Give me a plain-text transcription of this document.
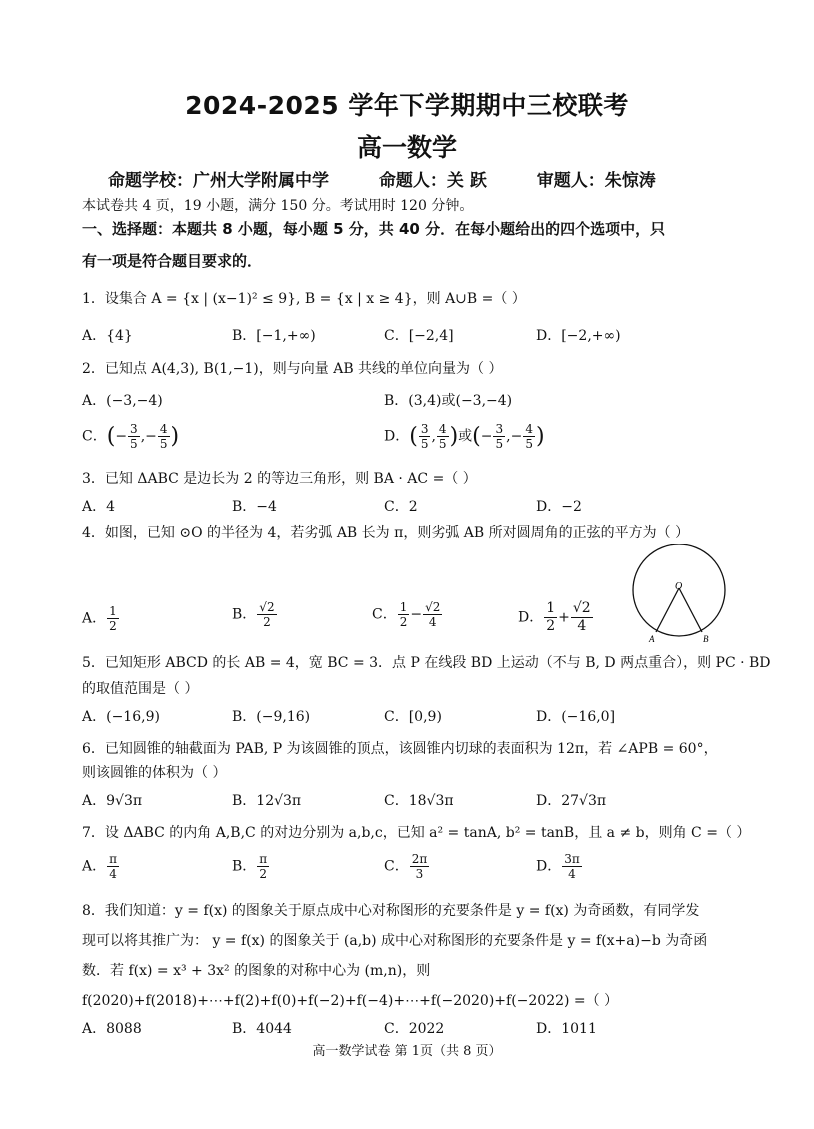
2024-2025 学年下学期期中三校联考
高一数学
命题学校：广州大学附属中学	命题人：关 跃	审题人：朱惊涛
本试卷共 4 页，19 小题，满分 150 分。考试用时 120 分钟。
一、选择题：本题共 8 小题，每小题 5 分，共 40 分．在每小题给出的四个选项中，只
有一项是符合题目要求的．
1．设集合 A = {x | (x−1)² ≤ 9}, B = {x | x ≥ 4}，则 A∪B =（ ）
A．{4}	B．[−1,+∞)	C．[−2,4]	D．[−2,+∞)
2．已知点 A(4,3), B(1,−1)，则与向量 AB 共线的单位向量为（ ）
A．(−3,−4)	B．(3,4)或(−3,−4)
C．(− $\frac{3}{5}$ ,− $\frac{4}{5}$ )	D．( $\frac{3}{5}$ , $\frac{4}{5}$ )或(− $\frac{3}{5}$ ,− $\frac{4}{5}$ )
3．已知 ΔABC 是边长为 2 的等边三角形，则 BA · AC =（ ）
A．4	B．−4	C．2	D．−2
4．如图，已知 ⊙O 的半径为 4，若劣弧 AB 长为 π，则劣弧 AB 所对圆周角的正弦的平方为（ ）
A． $\frac{1}{2}$	B． $\frac{√2}{2}$	C． $\frac{1}{2} - \frac{√2}{4}$	D． $\frac{1}{2} + \frac{√2}{4}$
O
A	B
5．已知矩形 ABCD 的长 AB = 4，宽 BC = 3．点 P 在线段 BD 上运动（不与 B, D 两点重合），则 PC · BD
的取值范围是（ ）
A．(−16,9)	B．(−9,16)	C．[0,9)	D．(−16,0]
6．已知圆锥的轴截面为 PAB, P 为该圆锥的顶点，该圆锥内切球的表面积为 12π，若 ∠APB = 60°，
则该圆锥的体积为（ ）
A．9√3π	B．12√3π	C．18√3π	D．27√3π
7．设 ΔABC 的内角 A,B,C 的对边分别为 a,b,c，已知 a² = tanA, b² = tanB，且 a ≠ b，则角 C =（ ）
A． $\frac{\pi}{4}$	B． $\frac{\pi}{2}$	C． $\frac{2\pi}{3}$	D． $\frac{3\pi}{4}$
8．我们知道：y = f(x) 的图象关于原点成中心对称图形的充要条件是 y = f(x) 为奇函数，有同学发
现可以将其推广为： y = f(x) 的图象关于 (a,b) 成中心对称图形的充要条件是 y = f(x+a)−b 为奇函
数．若 f(x) = x³ + 3x² 的图象的对称中心为 (m,n)，则
f(2020)+f(2018)+⋯+f(2)+f(0)+f(−2)+f(−4)+⋯+f(−2020)+f(−2022) =（ ）
A．8088	B．4044	C．2022	D．1011
高一数学试卷 第 1页（共 8 页）
